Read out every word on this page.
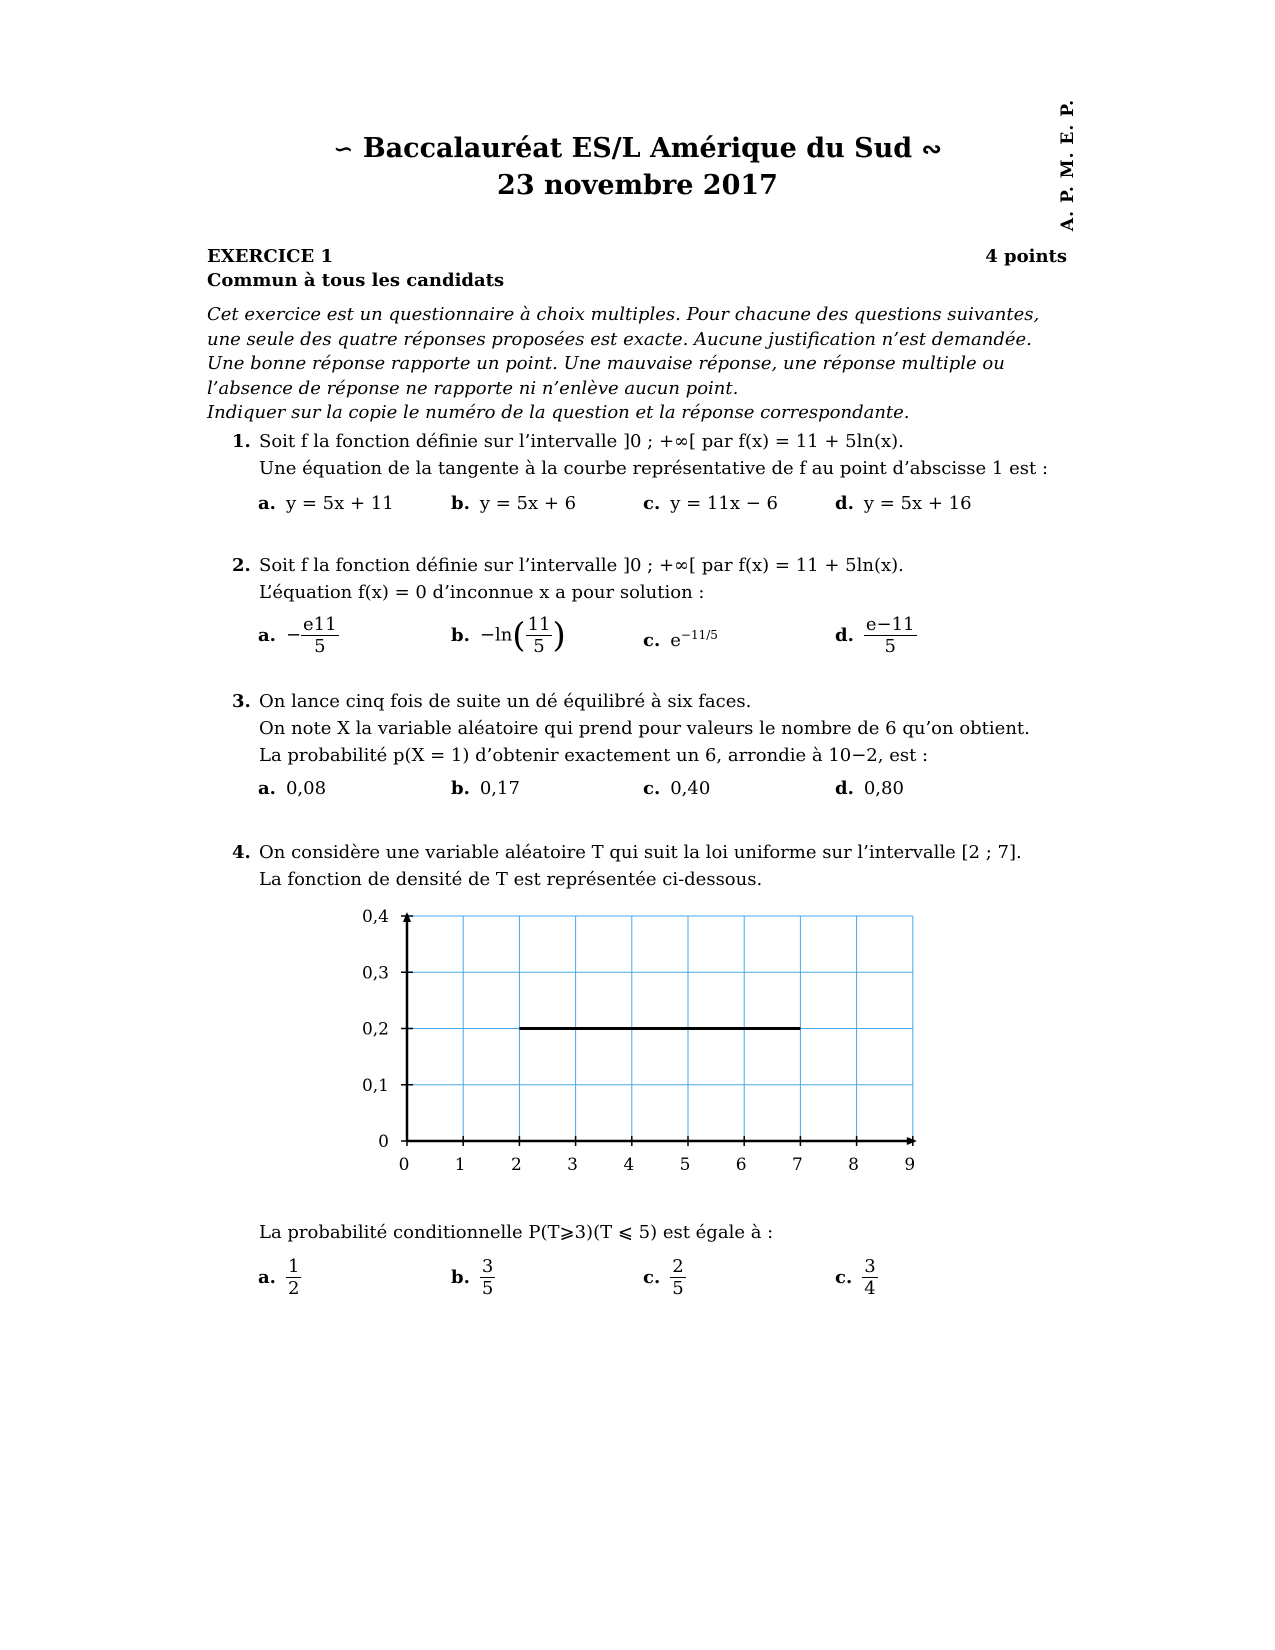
A. P. M. E. P.
∽ Baccalauréat ES/L Amérique du Sud ∾
23 novembre 2017
EXERCICE 1	4 points
Commun à tous les candidats

Cet exercice est un questionnaire à choix multiples. Pour chacune des questions suivantes, une seule des quatre réponses proposées est exacte. Aucune justification n’est demandée.

Une bonne réponse rapporte un point. Une mauvaise réponse, une réponse multiple ou l’absence de réponse ne rapporte ni n’enlève aucun point.

Indiquer sur la copie le numéro de la question et la réponse correspondante.

1. Soit f la fonction définie sur l’intervalle ]0 ; +∞[ par f(x) = 11 + 5ln(x).
Une équation de la tangente à la courbe représentative de f au point d’abscisse 1 est :
a. y = 5x + 11	b. y = 5x + 6	c. y = 11x − 6	d. y = 5x + 16
2. Soit f la fonction définie sur l’intervalle ]0 ; +∞[ par f(x) = 11 + 5ln(x).
L’équation f(x) = 0 d’inconnue x a pour solution :
a. − $\frac{e11}{5}$	b. $-\ln( \frac{11}{5}$ )	c. $e^{-11/5}$	d. $\frac{e-11}{5}$
3. On lance cinq fois de suite un dé équilibré à six faces.
On note X la variable aléatoire qui prend pour valeurs le nombre de 6 qu’on obtient.
La probabilité p(X = 1) d’obtenir exactement un 6, arrondie à 10−2, est :
a. 0,08	b. 0,17	c. 0,40	d. 0,80
4. On considère une variable aléatoire T qui suit la loi uniforme sur l’intervalle [2 ; 7].
La fonction de densité de T est représentée ci-dessous.
0	1	2	3	4	5	6	7	8	9
0
0,1
0,2
0,3
0,4
La probabilité conditionnelle P(T⩾3)(T ⩽ 5) est égale à :
a. $\frac{1}{2}$	b. $\frac{3}{5}$	c. $\frac{2}{5}$	c. $\frac{3}{4}$
